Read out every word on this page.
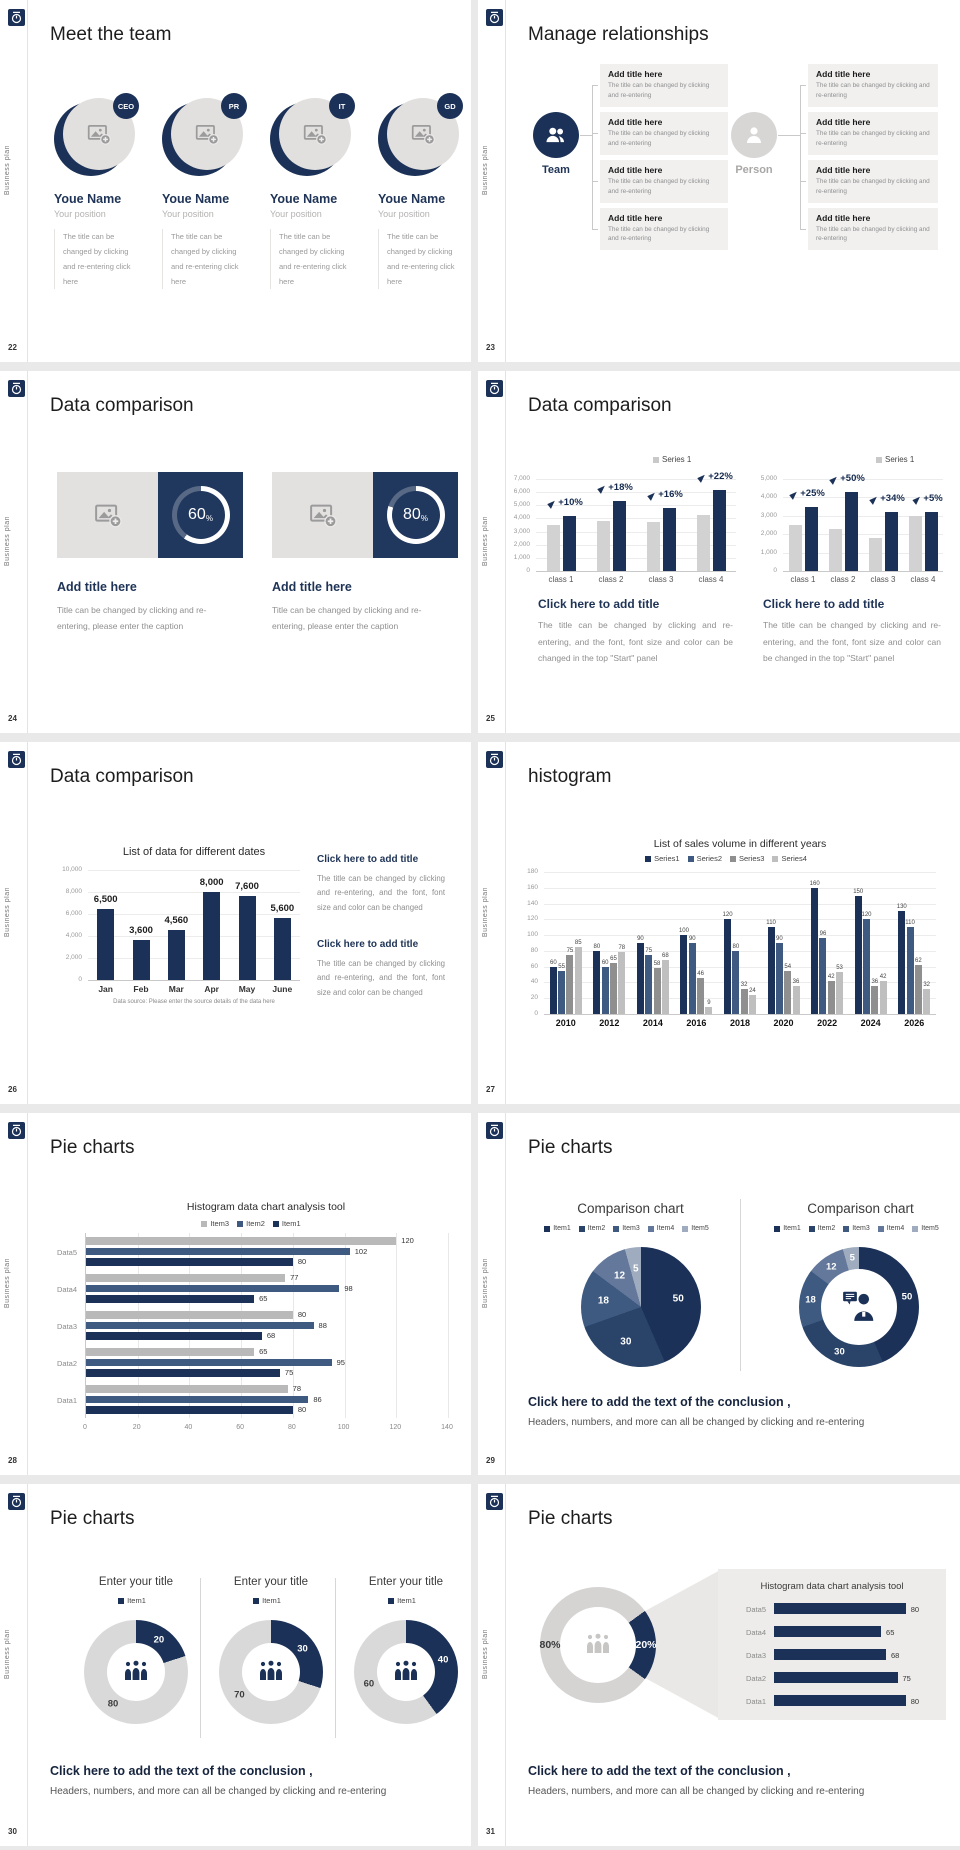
Business plan
22
Meet the team
CEO
Youe Name
Your position
The title can be changed by clicking and re-entering click here
PR
Youe Name
Your position
The title can be changed by clicking and re-entering click here
IT
Youe Name
Your position
The title can be changed by clicking and re-entering click here
GD
Youe Name
Your position
The title can be changed by clicking and re-entering click here
Business plan
23
Manage relationships
Team	Person
Add title here
The title can be changed by clicking and re-entering
Add title here
The title can be changed by clicking and re-entering
Add title here
The title can be changed by clicking and re-entering
Add title here
The title can be changed by clicking and re-entering
Add title here
The title can be changed by clicking and re-entering
Add title here
The title can be changed by clicking and re-entering
Add title here
The title can be changed by clicking and re-entering
Add title here
The title can be changed by clicking and re-entering
Business plan
24
Data comparison
60 %
Add title here
Title can be changed by clicking and re-entering, please enter the caption
80 %
Add title here
Title can be changed by clicking and re-entering, please enter the caption
Business plan
25
Data comparison
Series 1	Series 1
+10%
+18%
+16%
+22%
0
1,000
2,000
3,000
4,000
5,000
6,000
7,000
class 1	class 2	class 3	class 4
+25%
+50%
+34% +5%
0
1,000
2,000
3,000
4,000
5,000
class 1	class 2	class 3	class 4
Click here to add title
The title can be changed by clicking and re-entering, and the font, font size and color can be changed in the top "Start" panel
Click here to add title
The title can be changed by clicking and re-entering, and the font, font size and color can be changed in the top "Start" panel
Business plan
26
Data comparison
List of data for different dates
6,500
3,600
4,560
8,000	7,600
5,600
0
2,000
4,000
6,000
8,000
10,000
Jan	Feb	Mar	Apr	May	June
Data source: Please enter the source details of the data here
Click here to add title
The title can be changed by clicking and re-entering, and the font, font size and color can be changed
Click here to add title
The title can be changed by clicking and re-entering, and the font, font size and color can be changed
Business plan
27
histogram
Series1 Series2 Series3 Series4
List of sales volume in different years
60
55
75
85
80
60
65
78
90
75
58
68
100
90
46
9
120
80
32
24
110
90
54
36
160
96
42
53
150
120
36
42
130
110
62
32
0
20
40
60
80
100
120
140
160
180
2010	2012	2014	2016	2018	2020	2022	2024	2026
Business plan
28
Pie charts
Item3 Item2 Item1
Histogram data chart analysis tool
120
102
80
77
98
65
80
88
68
65
95
75
78
86
80
0	20	40	60	80	100	120	140
Data5
Data4
Data3
Data2
Data1
Business plan
29
Pie charts
Comparison chart	Comparison chart
Item1 Item2 Item3 Item4 Item5	Item1 Item2 Item3 Item4 Item5
50
30
18
12
5
50
30
18
12
5
Click here to add the text of the conclusion ,
Headers, numbers, and more can all be changed by clicking and re-entering
Business plan
30
Pie charts
Enter your title	Enter your title	Enter your title
Item1	Item1	Item1
20
80
30
70
40
60
Click here to add the text of the conclusion ,
Headers, numbers, and more can all be changed by clicking and re-entering
Business plan
31
Pie charts
20%
80%
Histogram data chart analysis tool
Data5	80
Data4	65
Data3	68
Data2	75
Data1	80
Click here to add the text of the conclusion ,
Headers, numbers, and more can all be changed by clicking and re-entering
